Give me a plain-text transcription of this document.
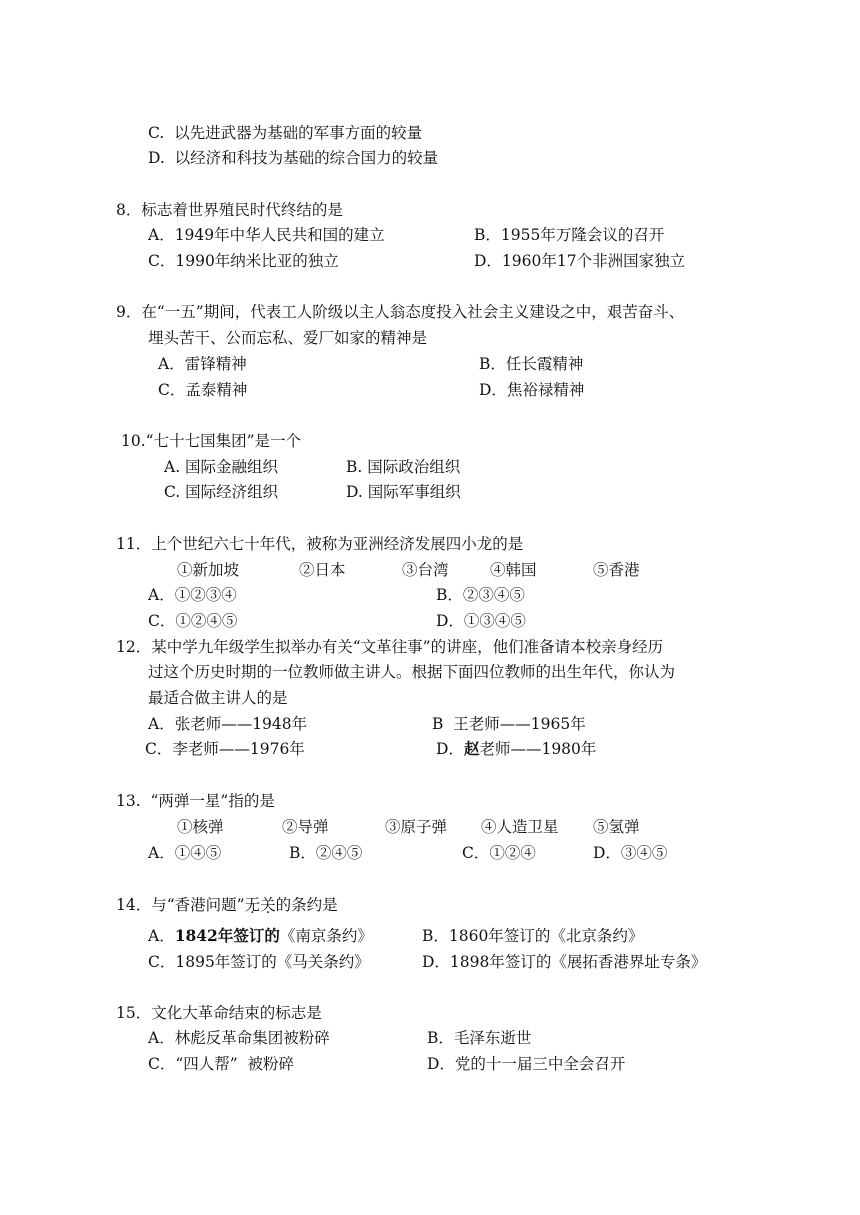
C.  以先进武器为基础的军事方面的较量
D.  以经济和科技为基础的综合国力的较量
8．标志着世界殖民时代终结的是
A．1949年中华人民共和国的建立	B．1955年万隆会议的召开
C．1990年纳米比亚的独立	D．1960年17个非洲国家独立
9．在“一五”期间，代表工人阶级以主人翁态度投入社会主义建设之中，艰苦奋斗、
埋头苦干、公而忘私、爱厂如家的精神是
A．雷锋精神	B．任长霞精神
C．孟泰精神	D．焦裕禄精神
10.“七十七国集团”是一个
A. 国际金融组织	B. 国际政治组织
C. 国际经济组织	D. 国际军事组织
11．上个世纪六七十年代，被称为亚洲经济发展四小龙的是
①新加坡	②日本	③台湾	④韩国	⑤香港
A．①②③④	B．②③④⑤
C．①②④⑤	D．①③④⑤
12．某中学九年级学生拟举办有关“文革往事”的讲座，他们准备请本校亲身经历
过这个历史时期的一位教师做主讲人。根据下面四位教师的出生年代，你认为
最适合做主讲人的是
A．张老师——1948年	B  王老师——1965年
C．李老师——1976年	D．赵老师——1980年
13.  “两弹一星”指的是
①核弹	②导弹	③原子弹 ④人造卫星 ⑤氢弹
A．①④⑤	B．②④⑤	C．①②④	D．③④⑤
14．与“香港问题”无关的条约是
A．1842年签订的《南京条约》	B．1860年签订的《北京条约》
C．1895年签订的《马关条约》	D．1898年签订的《展拓香港界址专条》
15．文化大革命结束的标志是
A．林彪反革命集团被粉碎	B．毛泽东逝世
C．“四人帮”  被粉碎	D．党的十一届三中全会召开
